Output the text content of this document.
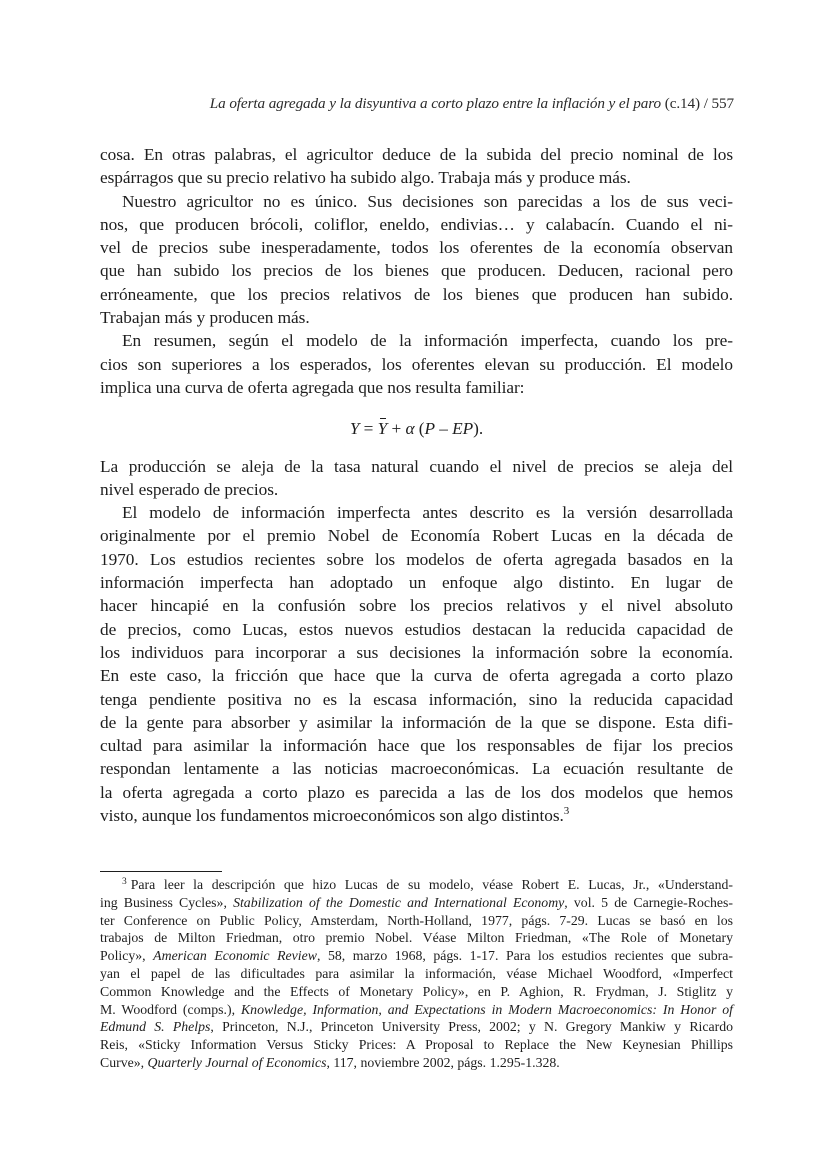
La oferta agregada y la disyuntiva a corto plazo entre la inflación y el paro (c.14) / 557
cosa. En otras palabras, el agricultor deduce de la subida del precio nominal de los
espárragos que su precio relativo ha subido algo. Trabaja más y produce más.
Nuestro agricultor no es único. Sus decisiones son parecidas a los de sus veci-
nos, que producen brócoli, coliflor, eneldo, endivias… y calabacín. Cuando el ni-
vel de precios sube inesperadamente, todos los oferentes de la economía observan
que han subido los precios de los bienes que producen. Deducen, racional pero
erróneamente, que los precios relativos de los bienes que producen han subido.
Trabajan más y producen más.
En resumen, según el modelo de la información imperfecta, cuando los pre-
cios son superiores a los esperados, los oferentes elevan su producción. El modelo
implica una curva de oferta agregada que nos resulta familiar:
Y = Y + α (P – EP).
La producción se aleja de la tasa natural cuando el nivel de precios se aleja del
nivel esperado de precios.
El modelo de información imperfecta antes descrito es la versión desarrollada
originalmente por el premio Nobel de Economía Robert Lucas en la década de
1970. Los estudios recientes sobre los modelos de oferta agregada basados en la
información imperfecta han adoptado un enfoque algo distinto. En lugar de
hacer hincapié en la confusión sobre los precios relativos y el nivel absoluto
de precios, como Lucas, estos nuevos estudios destacan la reducida capacidad de
los individuos para incorporar a sus decisiones la información sobre la economía.
En este caso, la fricción que hace que la curva de oferta agregada a corto plazo
tenga pendiente positiva no es la escasa información, sino la reducida capacidad
de la gente para absorber y asimilar la información de la que se dispone. Esta difi-
cultad para asimilar la información hace que los responsables de fijar los precios
respondan lentamente a las noticias macroeconómicas. La ecuación resultante de
la oferta agregada a corto plazo es parecida a las de los dos modelos que hemos
visto, aunque los fundamentos microeconómicos son algo distintos.$^3$
$^3$ Para leer la descripción que hizo Lucas de su modelo, véase Robert E. Lucas, Jr., «Understand-
ing Business Cycles», Stabilization of the Domestic and International Economy, vol. 5 de Carnegie-Roches-
ter Conference on Public Policy, Amsterdam, North-Holland, 1977, págs. 7-29. Lucas se basó en los
trabajos de Milton Friedman, otro premio Nobel. Véase Milton Friedman, «The Role of Monetary
Policy», American Economic Review, 58, marzo 1968, págs. 1-17. Para los estudios recientes que subra-
yan el papel de las dificultades para asimilar la información, véase Michael Woodford, «Imperfect
Common Knowledge and the Effects of Monetary Policy», en P. Aghion, R. Frydman, J. Stiglitz y
M. Woodford (comps.), Knowledge, Information, and Expectations in Modern Macroeconomics: In Honor of
Edmund S. Phelps, Princeton, N.J., Princeton University Press, 2002; y N. Gregory Mankiw y Ricardo
Reis, «Sticky Information Versus Sticky Prices: A Proposal to Replace the New Keynesian Phillips
Curve», Quarterly Journal of Economics, 117, noviembre 2002, págs. 1.295-1.328.
